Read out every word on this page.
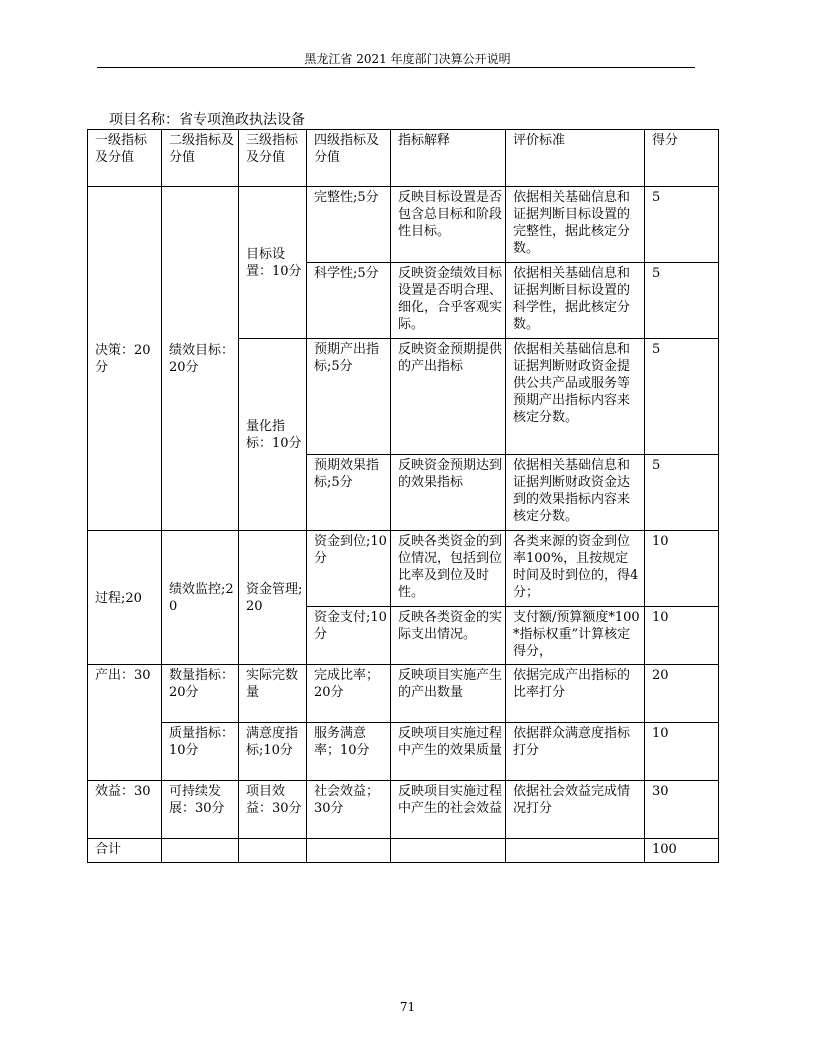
黑龙江省 2021 年度部门决算公开说明
项目名称：省专项渔政执法设备
一级指标及分值	二级指标及分值	三级指标及分值	四级指标及分值	指标解释	评价标准	得分
决策：20分	绩效目标：20分	目标设置：10分	完整性;5分	反映目标设置是否包含总目标和阶段性目标。	依据相关基础信息和证据判断目标设置的完整性，据此核定分数。	5
			科学性;5分	反映资金绩效目标设置是否明合理、细化，合乎客观实际。	依据相关基础信息和证据判断目标设置的科学性，据此核定分数。	5
		量化指标：10分	预期产出指标;5分	反映资金预期提供的产出指标	依据相关基础信息和证据判断财政资金提供公共产品或服务等预期产出指标内容来核定分数。	5
			预期效果指标;5分	反映资金预期达到的效果指标	依据相关基础信息和证据判断财政资金达到的效果指标内容来核定分数。	5
过程;20	绩效监控;20	资金管理;20	资金到位;10分	反映各类资金的到位情况，包括到位比率及到位及时性。	各类来源的资金到位率100%，且按规定时间及时到位的，得4分；	10
			资金支付;10分	反映各类资金的实际支出情况。	支付额/预算额度*100*指标权重”计算核定得分，	10
产出：30	数量指标：20分	实际完数量	完成比率；20分	反映项目实施产生的产出数量	依据完成产出指标的比率打分	20
	质量指标：10分	满意度指标;10分	服务满意率；10分	反映项目实施过程中产生的效果质量	依据群众满意度指标打分	10
效益：30	可持续发展：30分	项目效益：30分	社会效益；30分	反映项目实施过程中产生的社会效益	依据社会效益完成情况打分	30
合计						100
71
